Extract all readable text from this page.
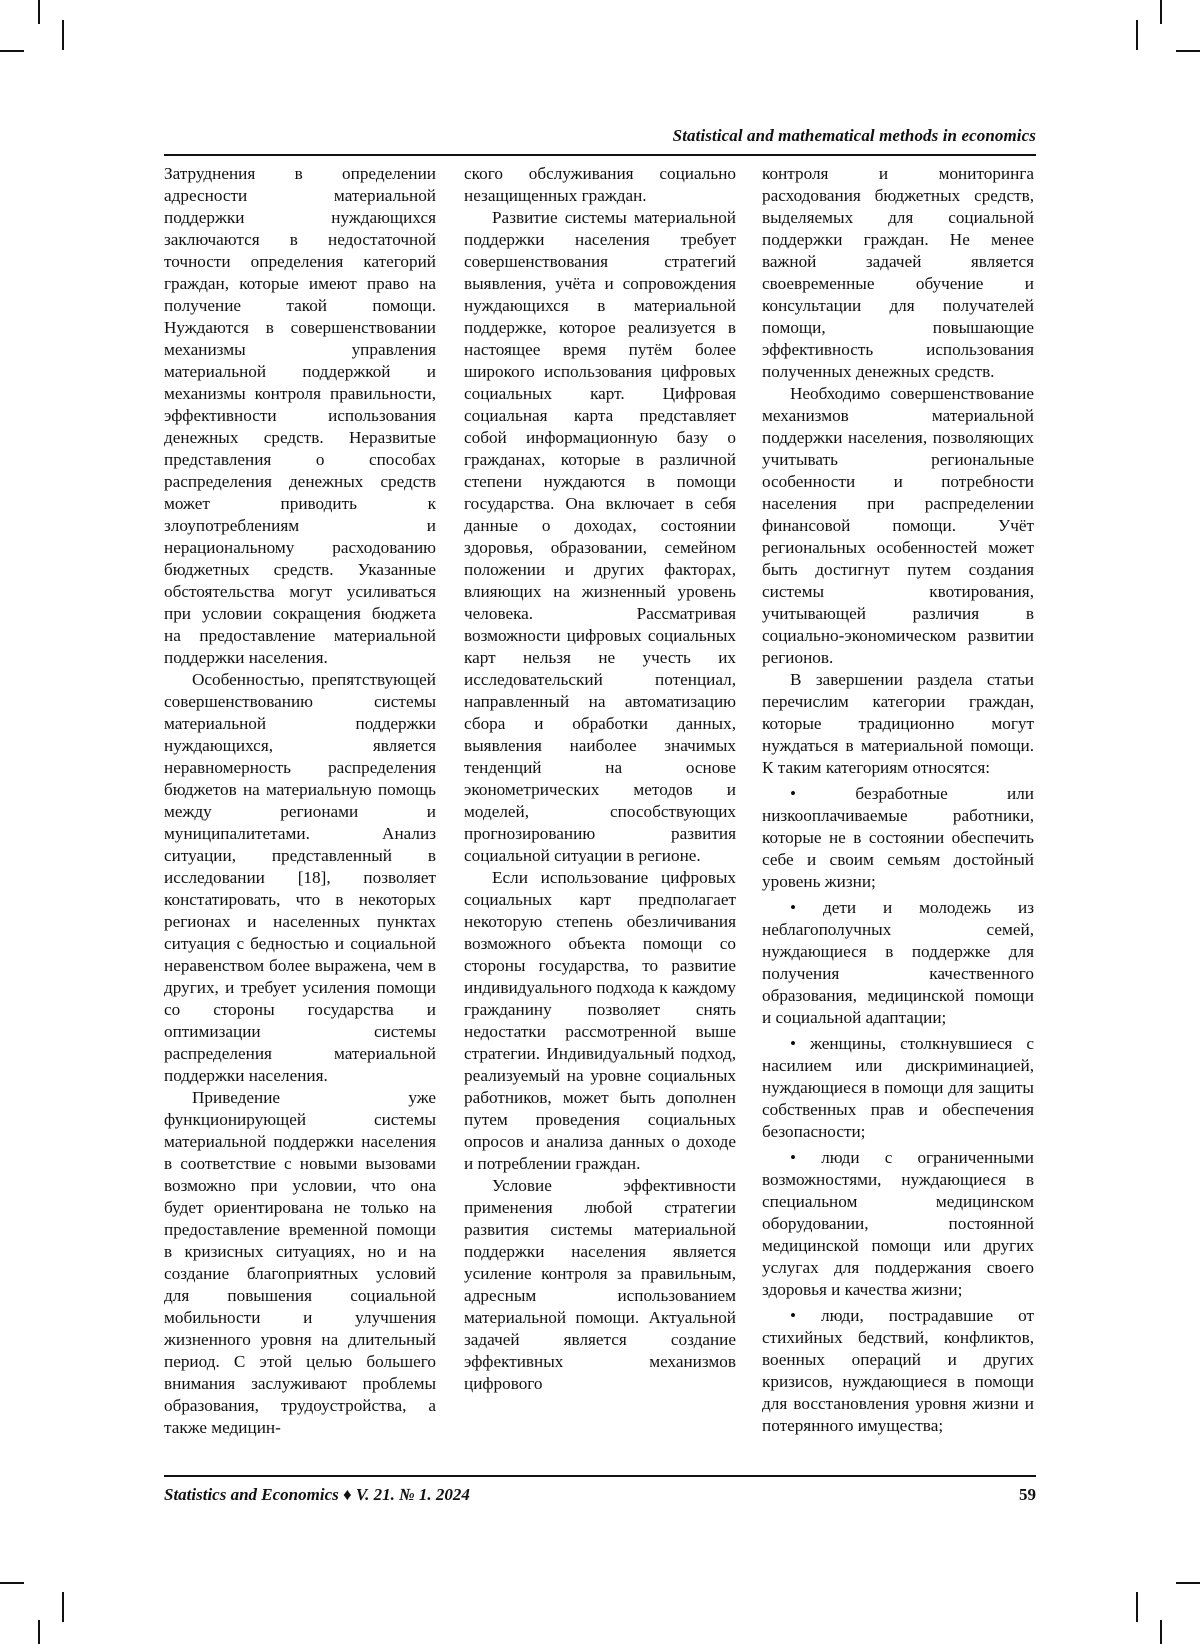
Statistical and mathematical methods in economics

Затруднения в определении адресности материальной поддержки нуждающихся заключаются в недостаточной точности определения категорий граждан, которые имеют право на получение такой помощи. Нуждаются в совершенствовании механизмы управления материальной поддержкой и механизмы контроля правильности, эффективности использования денежных средств. Неразвитые представления о способах распределения денежных средств может приводить к злоупотреблениям и нерациональному расходованию бюджетных средств. Указанные обстоятельства могут усиливаться при условии сокращения бюджета на предоставление материальной поддержки населения.

Особенностью, препятствующей совершенствованию системы материальной поддержки нуждающихся, является неравномерность распределения бюджетов на материальную помощь между регионами и муниципалитетами. Анализ ситуации, представленный в исследовании [18], позволяет констатировать, что в некоторых регионах и населенных пунктах ситуация с бедностью и социальной неравенством более выражена, чем в других, и требует усиления помощи со стороны государства и оптимизации системы распределения материальной поддержки населения.

Приведение уже функционирующей системы материальной поддержки населения в соответствие с новыми вызовами возможно при условии, что она будет ориентирована не только на предоставление временной помощи в кризисных ситуациях, но и на создание благоприятных условий для повышения социальной мобильности и улучшения жизненного уровня на длительный период. С этой целью большего внимания заслуживают проблемы образования, трудоустройства, а также медицин-

ского обслуживания социально незащищенных граждан.

Развитие системы материальной поддержки населения требует совершенствования стратегий выявления, учёта и сопровождения нуждающихся в материальной поддержке, которое реализуется в настоящее время путём более широкого использования цифровых социальных карт. Цифровая социальная карта представляет собой информационную базу о гражданах, которые в различной степени нуждаются в помощи государства. Она включает в себя данные о доходах, состоянии здоровья, образовании, семейном положении и других факторах, влияющих на жизненный уровень человека. Рассматривая возможности цифровых социальных карт нельзя не учесть их исследовательский потенциал, направленный на автоматизацию сбора и обработки данных, выявления наиболее значимых тенденций на основе эконометрических методов и моделей, способствующих прогнозированию развития социальной ситуации в регионе.

Если использование цифровых социальных карт предполагает некоторую степень обезличивания возможного объекта помощи со стороны государства, то развитие индивидуального подхода к каждому гражданину позволяет снять недостатки рассмотренной выше стратегии. Индивидуальный подход, реализуемый на уровне социальных работников, может быть дополнен путем проведения социальных опросов и анализа данных о доходе и потреблении граждан.

Условие эффективности применения любой стратегии развития системы материальной поддержки населения является усиление контроля за правильным, адресным использованием материальной помощи. Актуальной задачей является создание эффективных механизмов цифрового

контроля и мониторинга расходования бюджетных средств, выделяемых для социальной поддержки граждан. Не менее важной задачей является своевременные обучение и консультации для получателей помощи, повышающие эффективность использования полученных денежных средств.

Необходимо совершенствование механизмов материальной поддержки населения, позволяющих учитывать региональные особенности и потребности населения при распределении финансовой помощи. Учёт региональных особенностей может быть достигнут путем создания системы квотирования, учитывающей различия в социально-экономическом развитии регионов.

В завершении раздела статьи перечислим категории граждан, которые традиционно могут нуждаться в материальной помощи. К таким категориям относятся:

• безработные или низкооплачиваемые работники, которые не в состоянии обеспечить себе и своим семьям достойный уровень жизни;

• дети и молодежь из неблагополучных семей, нуждающиеся в поддержке для получения качественного образования, медицинской помощи и социальной адаптации;

• женщины, столкнувшиеся с насилием или дискриминацией, нуждающиеся в помощи для защиты собственных прав и обеспечения безопасности;

• люди с ограниченными возможностями, нуждающиеся в специальном медицинском оборудовании, постоянной медицинской помощи или других услугах для поддержания своего здоровья и качества жизни;

• люди, пострадавшие от стихийных бедствий, конфликтов, военных операций и других кризисов, нуждающиеся в помощи для восстановления уровня жизни и потерянного имущества;

Statistics and Economics ♦ V. 21. № 1. 2024	59
